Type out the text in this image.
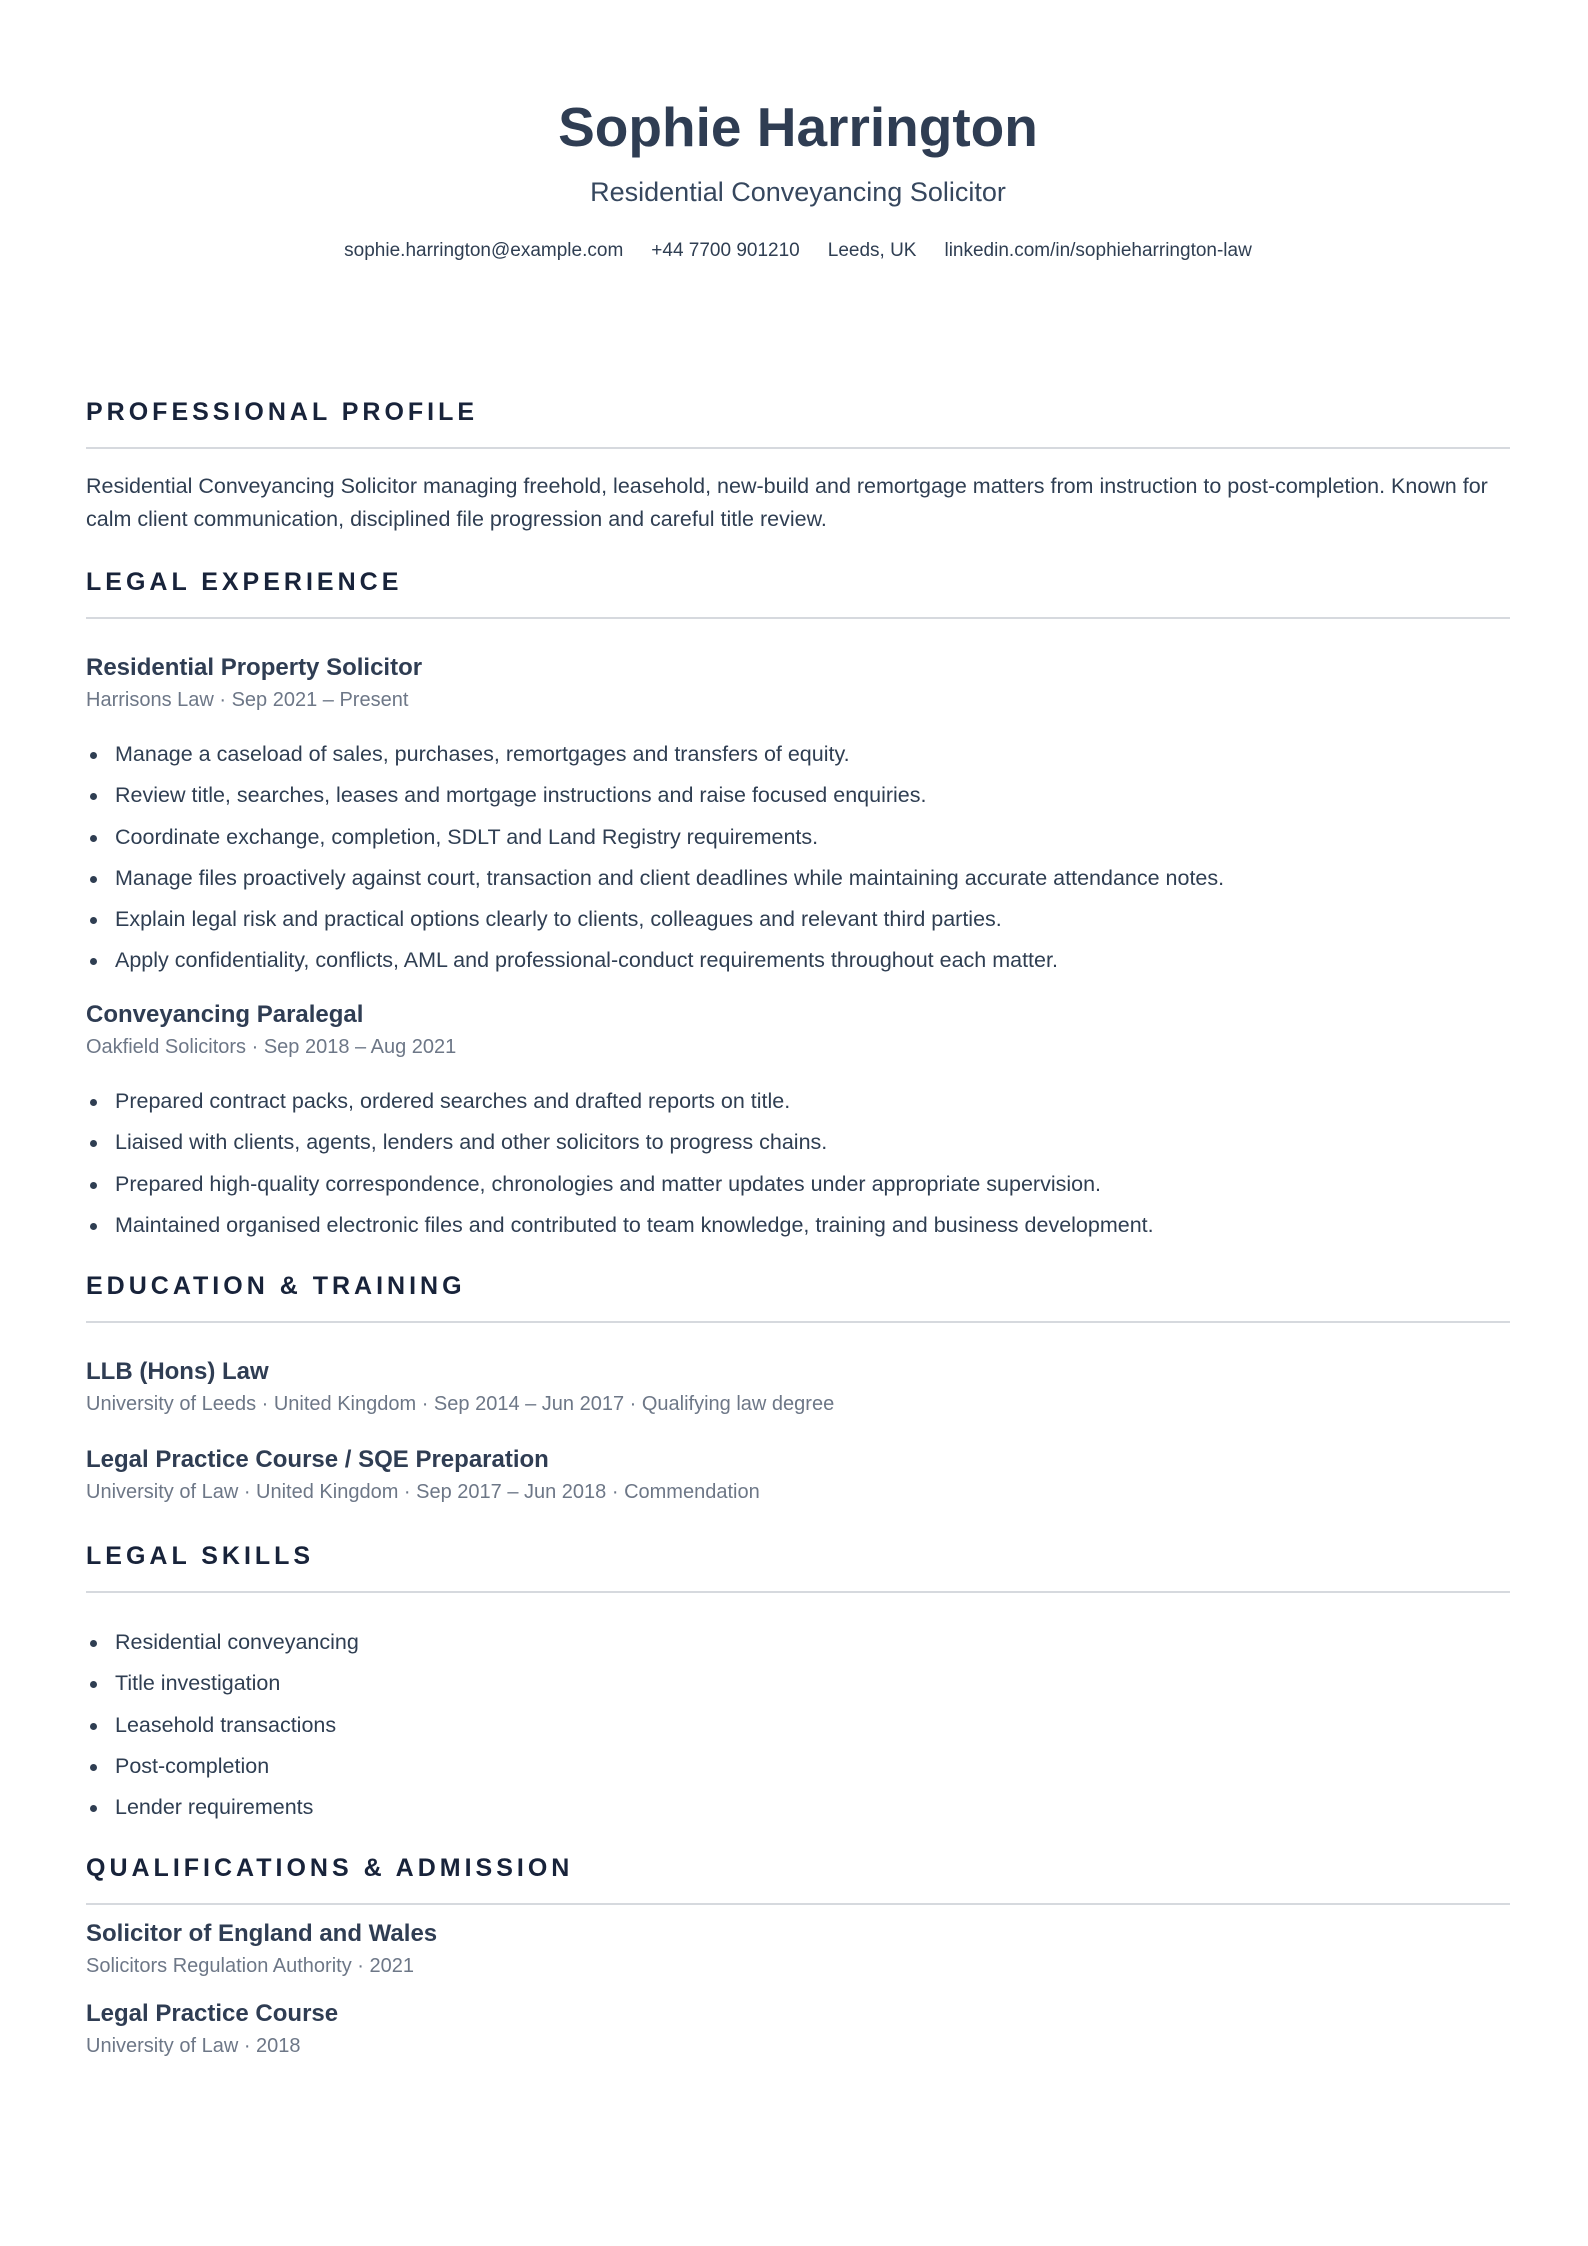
Sophie Harrington
Residential Conveyancing Solicitor
sophie.harrington@example.com +44 7700 901210 Leeds, UK linkedin.com/in/sophieharrington-law
PROFESSIONAL PROFILE

Residential Conveyancing Solicitor managing freehold, leasehold, new-build and remortgage matters from instruction to post-completion. Known for calm client communication, disciplined file progression and careful title review.

LEGAL EXPERIENCE
Residential Property Solicitor
Harrisons Law · Sep 2021 – Present
Manage a caseload of sales, purchases, remortgages and transfers of equity.
Review title, searches, leases and mortgage instructions and raise focused enquiries.
Coordinate exchange, completion, SDLT and Land Registry requirements.
Manage files proactively against court, transaction and client deadlines while maintaining accurate attendance notes.
Explain legal risk and practical options clearly to clients, colleagues and relevant third parties.
Apply confidentiality, conflicts, AML and professional-conduct requirements throughout each matter.
Conveyancing Paralegal
Oakfield Solicitors · Sep 2018 – Aug 2021
Prepared contract packs, ordered searches and drafted reports on title.
Liaised with clients, agents, lenders and other solicitors to progress chains.
Prepared high-quality correspondence, chronologies and matter updates under appropriate supervision.
Maintained organised electronic files and contributed to team knowledge, training and business development.
EDUCATION & TRAINING
LLB (Hons) Law
University of Leeds · United Kingdom · Sep 2014 – Jun 2017 · Qualifying law degree
Legal Practice Course / SQE Preparation
University of Law · United Kingdom · Sep 2017 – Jun 2018 · Commendation
LEGAL SKILLS
Residential conveyancing
Title investigation
Leasehold transactions
Post-completion
Lender requirements
QUALIFICATIONS & ADMISSION
Solicitor of England and Wales
Solicitors Regulation Authority · 2021
Legal Practice Course
University of Law · 2018
